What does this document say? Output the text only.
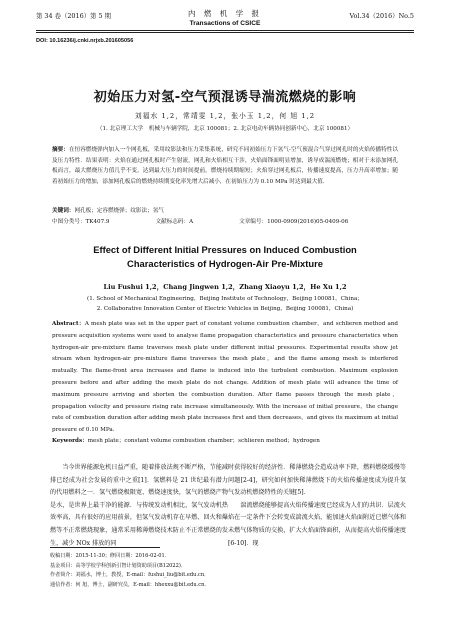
第 34 卷（2016）第 5 期	内 燃 机 学 报
Transactions of CSICE
Vol.34（2016）No.5
DOI: 10.16236/j.cnki.nrjxb.201605056
初始压力对氢-空气预混诱导湍流燃烧的影响
刘福水 1,2，常靖雯 1,2，张小玉 1,2，何 旭 1,2
（1. 北京理工大学　机械与车辆学院，北京 100081；2. 北京电动车辆协同创新中心，北京 100081）
摘要：在恒容燃烧弹内加入一个网孔板，采用纹影法和压力采集系统，研究不同初始压力下氢气-空气预混合气穿过网孔时的火焰传播特性以及压力特性．结果表明：火焰在通过网孔板时产生射流，网孔和火焰相互干涉，火焰面锋面明显增加，诱导成湍流燃烧；相对于未添加网孔板而言，最大燃烧压力值几乎不变，达到最大压力的时间提前，燃烧持续期缩短；火焰穿过网孔板后，传播速度提高，压力升高率增加；随着初始压力的增加，添加网孔板后的燃烧持续期变化率先增大后减小，在初始压力为 0.10 MPa 时达到最大值．
关键词：网孔板；定容燃烧弹；纹影法；氢气
中图分类号：TK407.9	文献标志码：A	文章编号：1000-0909(2016)05-0409-06
Effect of Different Initial Pressures on Induced Combustion
Characteristics of Hydrogen-Air Pre-Mixture
Liu Fushui 1,2，Chang Jingwen 1,2，Zhang Xiaoyu 1,2，He Xu 1,2
(1. School of Mechanical Engineering，Beijing Institute of Technology，Beijing 100081，China；
2. Collaborative Innovation Center of Electric Vehicles in Beijing，Beijing 100081，China)
Abstract：A mesh plate was set in the upper part of constant volume combustion chamber，and schlieren method and pressure acquisition systems were used to analyse flame propagation characteristics and pressure characteristics when hydrogen-air pre-mixture flame traverses mesh plate under different initial pressures. Experimental results show jet stream when hydrogen-air pre-mixture flame traverses the mesh plate，and the flame among mesh is interfered mutually. The flame-front area increases and flame is induced into the turbulent combustion. Maximum explosion pressure before and after adding the mesh plate do not change. Addition of mesh plate will advance the time of maximum pressure arriving and shorten the combustion duration. After flame passes through the mesh plate，propagation velocity and pressure rising rate increase simultaneously. With the increase of initial pressure，the change rate of combustion duration after adding mesh plate increases first and then decreases，and gives its maximum at initial pressure of 0.10 MPa.
Keywords：mesh plate；constant volume combustion chamber；schlieren method；hydrogen
当今世界能源危机日益严重，随着排放法规不断严格，节能减排已经成为社会发展的重中之重[1]．氢燃料是 21 世纪最有潜力的代用燃料之一．氢气燃烧极限宽、燃烧速度快，氢气的燃烧产物是水，是世界上最干净的能源．与传统发动机相比，氢气发动机热效率高，具有很好的应用前景，但氢气发动机存在早燃、回火和爆燃等不正常燃烧现象，通常采用稀薄燃烧技术防止不正常燃烧的发生，减少 NOx 排放的同
时获得较好的经济性．稀薄燃烧会造成动率下降，燃料燃烧缓慢等问题[2-4]，研究如何加快稀薄燃烧下的火焰传播速度成为提升氢气发动机燃烧特性的关键[5]．
湍流燃烧能够提高火焰传播速度已经成为人们的共识．层流火焰在一定条件下会转变成湍流火焰，能加速火焰面附近已燃气体和未燃气体物质的交换，扩大火焰面锋面积，从而提高火焰传播速度[6-10]．现
收稿日期：2015-11-30；修回日期：2016-02-01．
基金项目：高等学校学科创新引智计划资助项目(B12022)．
作者简介：刘福水，博士，教授，E-mail：fushui_liu@bit.edu.cn．
通信作者：何 旭，博士，副研究员，E-mail：hhexxu@bit.edu.cn．
